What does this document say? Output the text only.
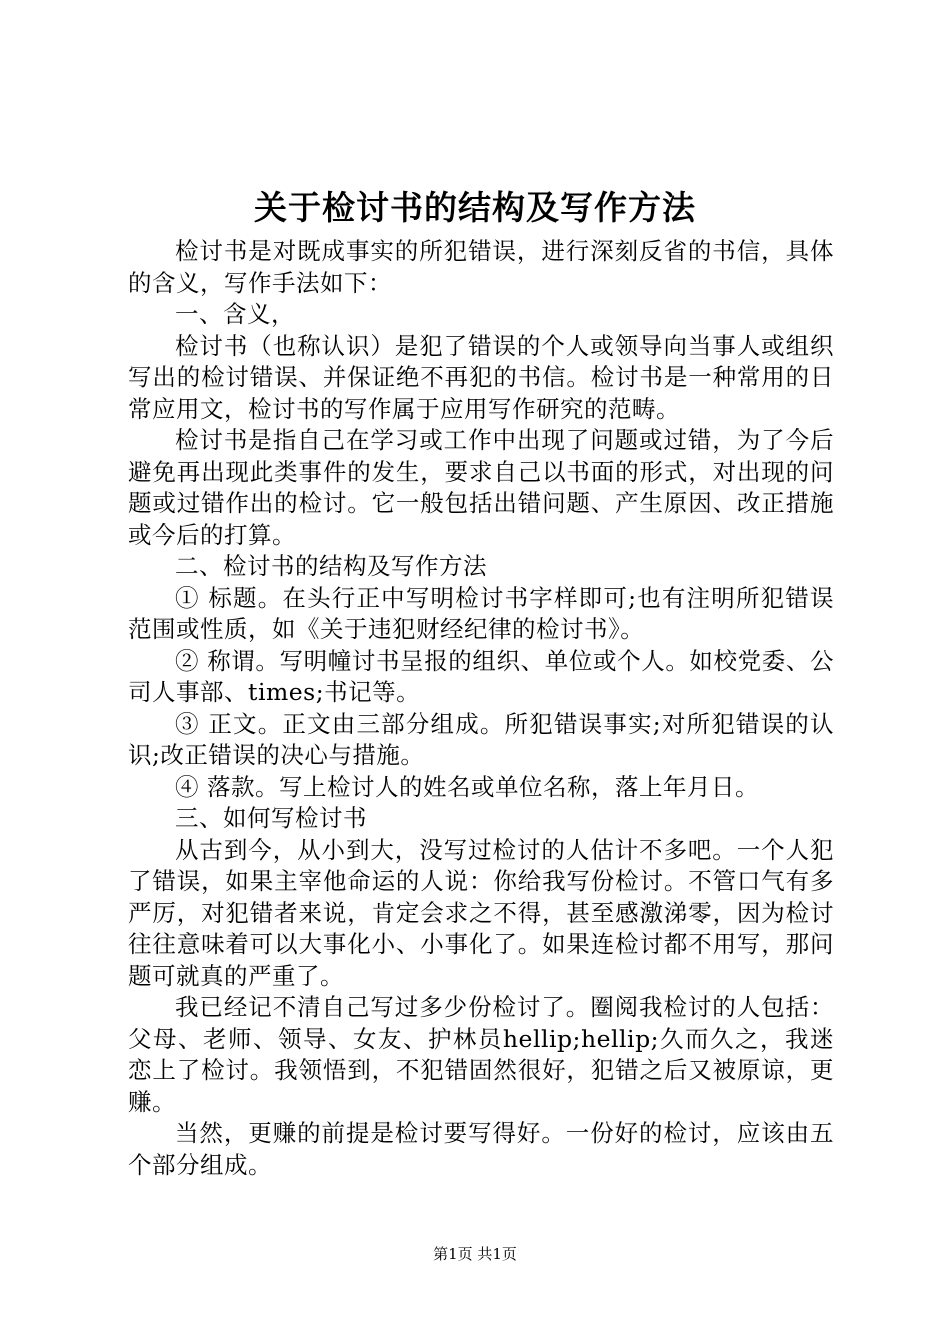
关于检讨书的结构及写作方法

检讨书是对既成事实的所犯错误，进行深刻反省的书信，具体的含义，写作手法如下：

一、含义，

检讨书（也称认识）是犯了错误的个人或领导向当事人或组织写出的检讨错误、并保证绝不再犯的书信。检讨书是一种常用的日常应用文，检讨书的写作属于应用写作研究的范畴。

检讨书是指自己在学习或工作中出现了问题或过错，为了今后避免再出现此类事件的发生，要求自己以书面的形式，对出现的问题或过错作出的检讨。它一般包括出错问题、产生原因、改正措施或今后的打算。

二、检讨书的结构及写作方法

① 标题。在头行正中写明检讨书字样即可;也有注明所犯错误范围或性质，如《关于违犯财经纪律的检讨书》。

② 称谓。写明幢讨书呈报的组织、单位或个人。如校党委、公司人事部、times;书记等。

③ 正文。正文由三部分组成。所犯错误事实;对所犯错误的认识;改正错误的决心与措施。

④ 落款。写上检讨人的姓名或单位名称，落上年月日。

三、如何写检讨书

从古到今，从小到大，没写过检讨的人估计不多吧。一个人犯了错误，如果主宰他命运的人说：你给我写份检讨。不管口气有多严厉，对犯错者来说，肯定会求之不得，甚至感激涕零，因为检讨往往意味着可以大事化小、小事化了。如果连检讨都不用写，那问题可就真的严重了。

我已经记不清自己写过多少份检讨了。圈阅我检讨的人包括：父母、老师、领导、女友、护林员hellip;hellip;久而久之，我迷恋上了检讨。我领悟到，不犯错固然很好，犯错之后又被原谅，更赚。

当然，更赚的前提是检讨要写得好。一份好的检讨，应该由五个部分组成。

第1页 共1页
